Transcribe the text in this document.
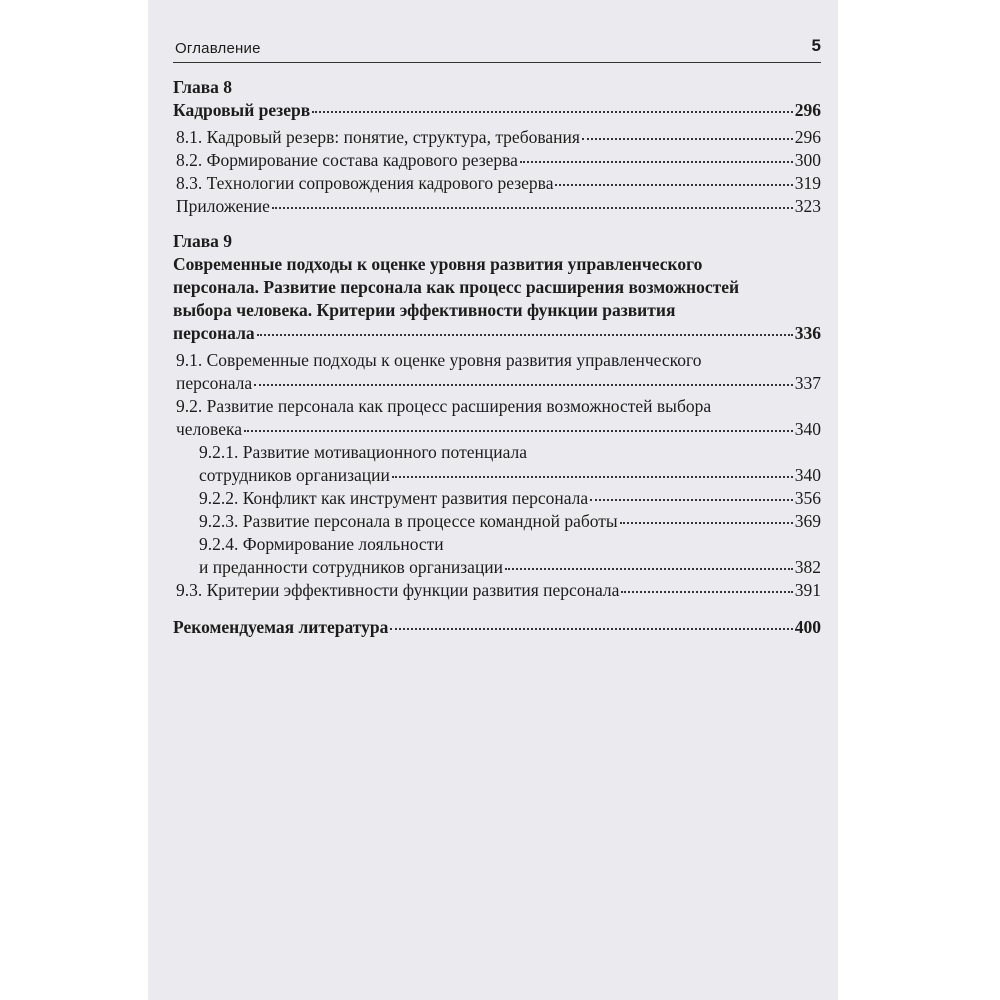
Оглавление	5
Глава 8
Кадровый резерв	296
8.1. Кадровый резерв: понятие, структура, требования	296
8.2. Формирование состава кадрового резерва	300
8.3. Технологии сопровождения кадрового резерва	319
Приложение	323
Глава 9
Современные подходы к оценке уровня развития управленческого
персонала. Развитие персонала как процесс расширения возможностей
выбора человека. Критерии эффективности функции развития
персонала	336
9.1. Современные подходы к оценке уровня развития управленческого
персонала	337
9.2. Развитие персонала как процесс расширения возможностей выбора
человека	340
9.2.1. Развитие мотивационного потенциала
сотрудников организации	340
9.2.2. Конфликт как инструмент развития персонала	356
9.2.3. Развитие персонала в процессе командной работы	369
9.2.4. Формирование лояльности
и преданности сотрудников организации	382
9.3. Критерии эффективности функции развития персонала	391
Рекомендуемая литература	400
